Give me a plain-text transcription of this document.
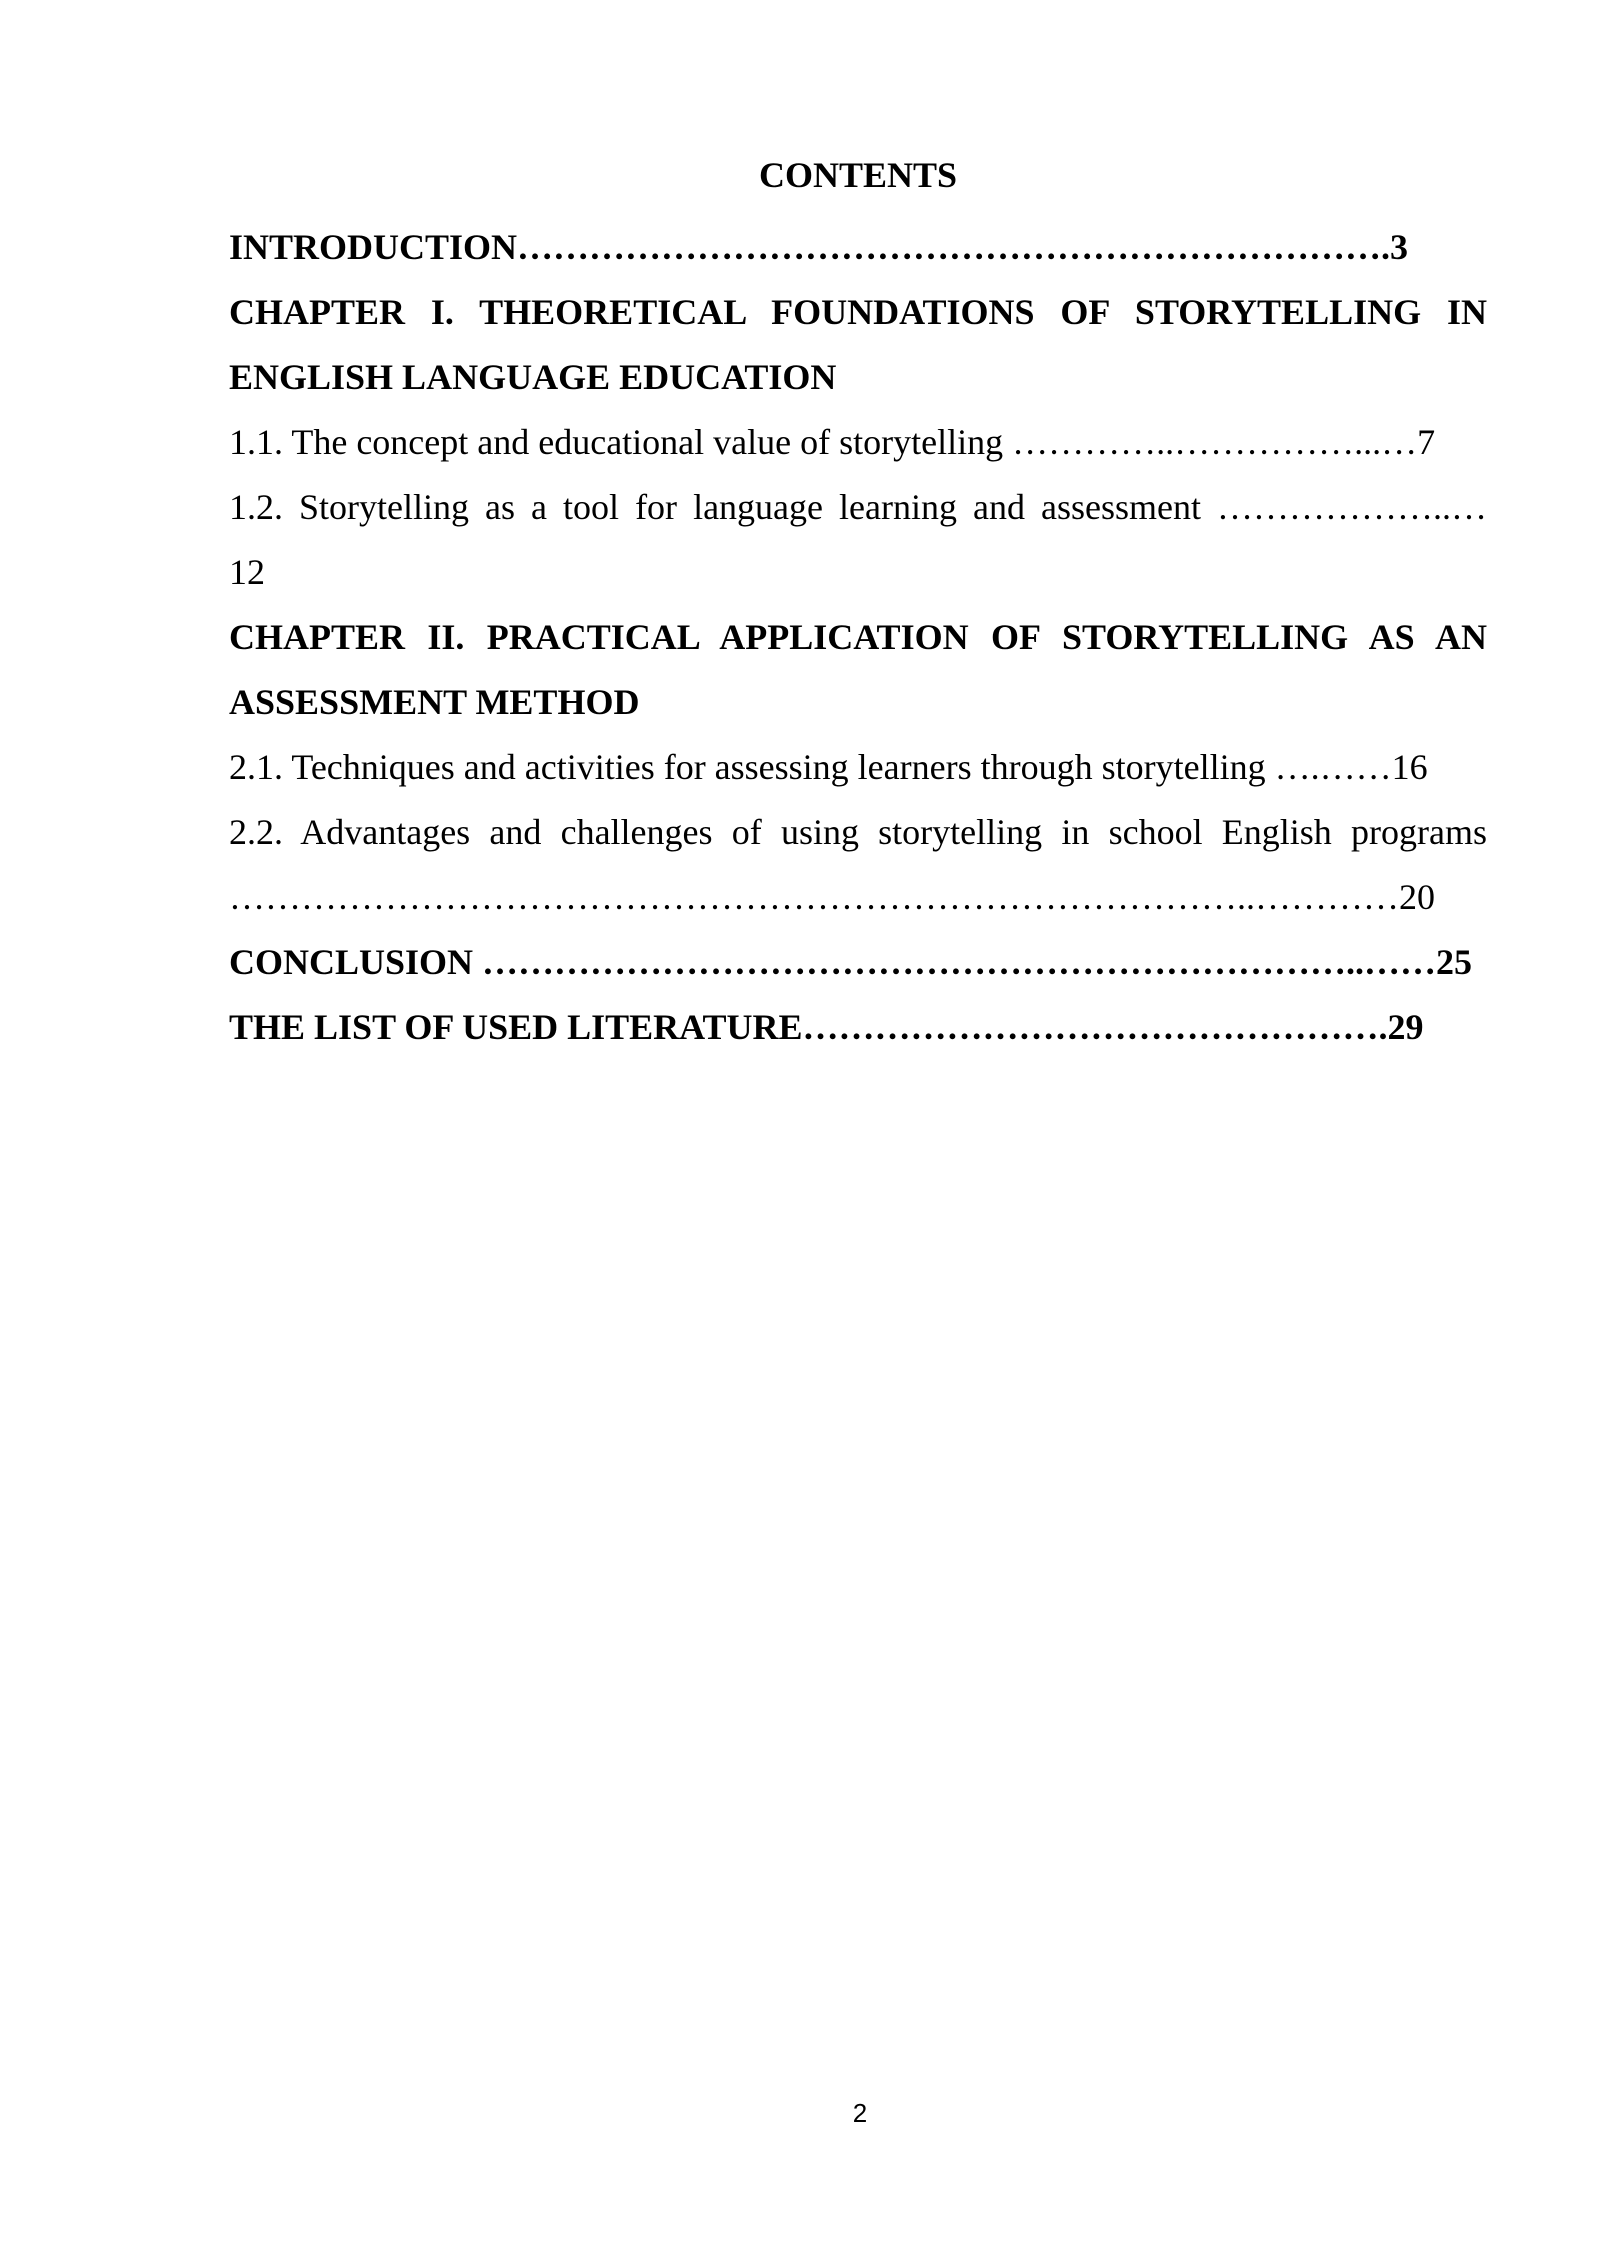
CONTENTS

INTRODUCTION……………………………………………………………….3

CHAPTER I. THEORETICAL FOUNDATIONS OF STORYTELLING IN

ENGLISH LANGUAGE EDUCATION

1.1. The concept and educational value of storytelling …………..……………...…7

1.2. Storytelling as a tool for language learning and assessment ………………..…

12

CHAPTER II. PRACTICAL APPLICATION OF STORYTELLING AS AN

ASSESSMENT METHOD

2.1. Techniques and activities for assessing learners through storytelling ….……16

2.2. Advantages and challenges of using storytelling in school English programs

…………………………………………………………………………..…………20

CONCLUSION ………………………………………………………………..……25

THE LIST OF USED LITERATURE………………………………………….29

2
